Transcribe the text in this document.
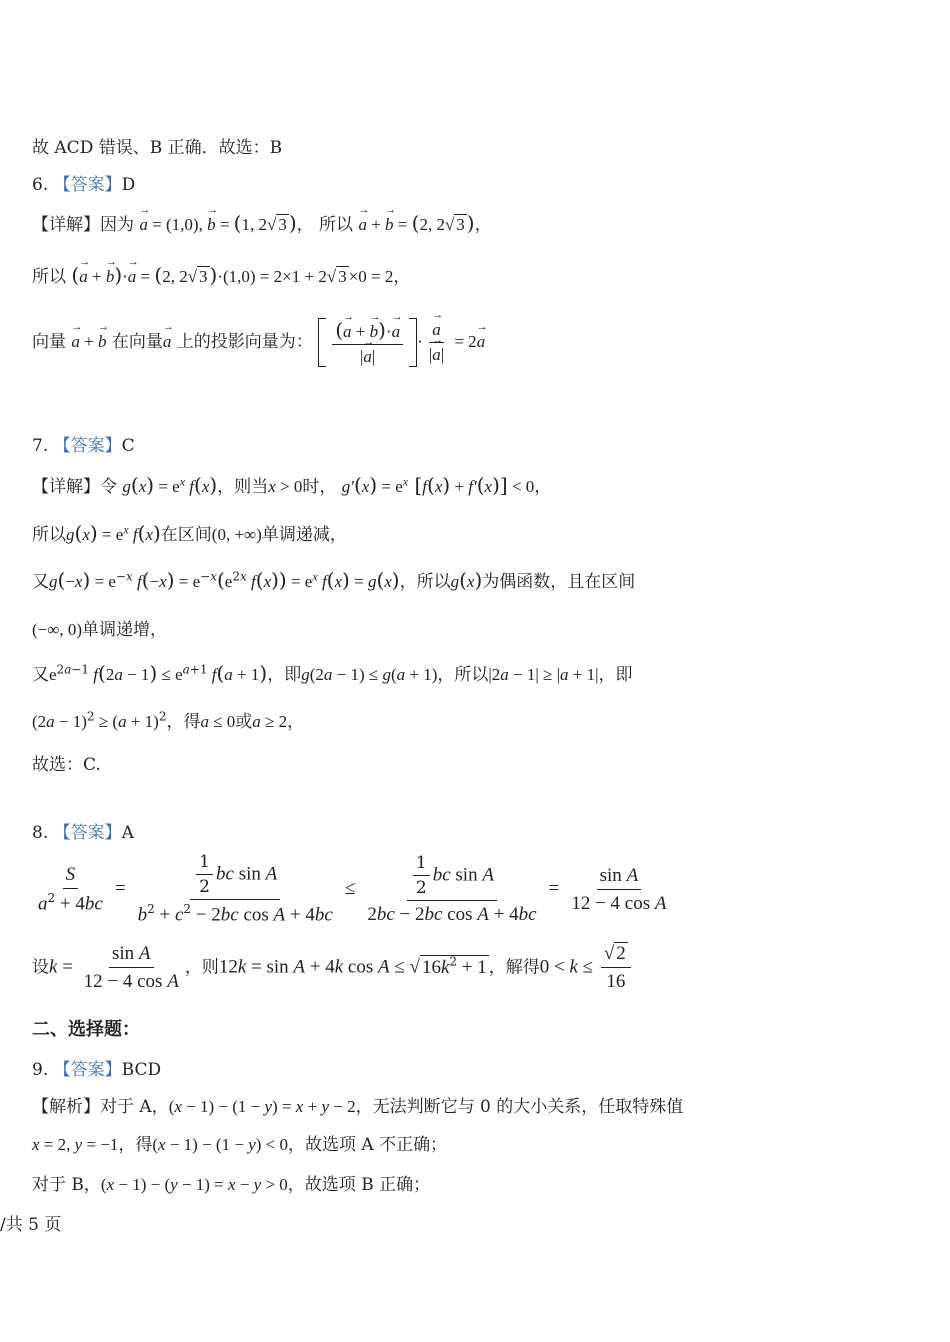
故 ACD 错误、B 正确．故选：B
6. 【答案】D
【详解】因为 a → = (1,0), b → = (1, 2√ 3 )， 所以 a → + b → = (2, 2√ 3 )，
所以 (a → + b →)·a → = (2, 2√ 3 )·(1,0) = 2×1 + 2√ 3 ×0 = 2，
向量 a → + b → 在向量a → 上的投影向量为： $\frac{(a \to + b \to)\cdot a \to}{|a \to|} \cdot \frac{a \to}{|a \to|} = 2a$ →
7. 【答案】C
【详解】令 $g(x) = e^x$ f(x)，则当x > 0时， $g'(x) = e^x$ [f(x) + f′(x)] < 0，
所以$g(x) = e^x$ f(x)在区间(0, +∞)单调递减，
又$g(-x) = e^{-x}$ $f(-x) = e^{-x}(e^{2x}$ $f(x)) = e^x$ f(x) = g(x)，所以g(x)为偶函数，且在区间
(−∞, 0)单调递增，
又$e^{2a-1}$ $f(2a - 1) \le e^{a+1}$ f(a + 1)，即g(2a − 1) ≤ g(a + 1)，所以|2a − 1| ≥ |a + 1|，即
$(2a - 1)^2 \ge (a + 1)^2$，得a ≤ 0或a ≥ 2，
故选：C.
8. 【答案】A
$\frac{S}{a^2 + 4bc} = \frac{\frac{1}{2} bc \sin A}{b^2 + c^2 - 2bc \cos A + 4bc} \le \frac{\frac{1}{2} bc \sin A}{\text{2bc − 2bc cos A + 4bc}} = \frac{\text{sin A}}{\text{12 − 4 cos A}}$
设$k = \frac{\text{sin A}}{\text{12 − 4 cos A}}$ ，则12k = sin A + 4k cos A ≤ √ $16k^2 + 1$ ，解得$0 < k \le \frac{√ 2}{16}$
二、选择题：
9. 【答案】BCD
【解析】对于 A，(x − 1) − (1 − y) = x + y − 2，无法判断它与 0 的大小关系，任取特殊值
x = 2, y = −1，得(x − 1) − (1 − y) < 0，故选项 A 不正确；
对于 B，(x − 1) − (y − 1) = x − y > 0，故选项 B 正确；
/共 5 页
